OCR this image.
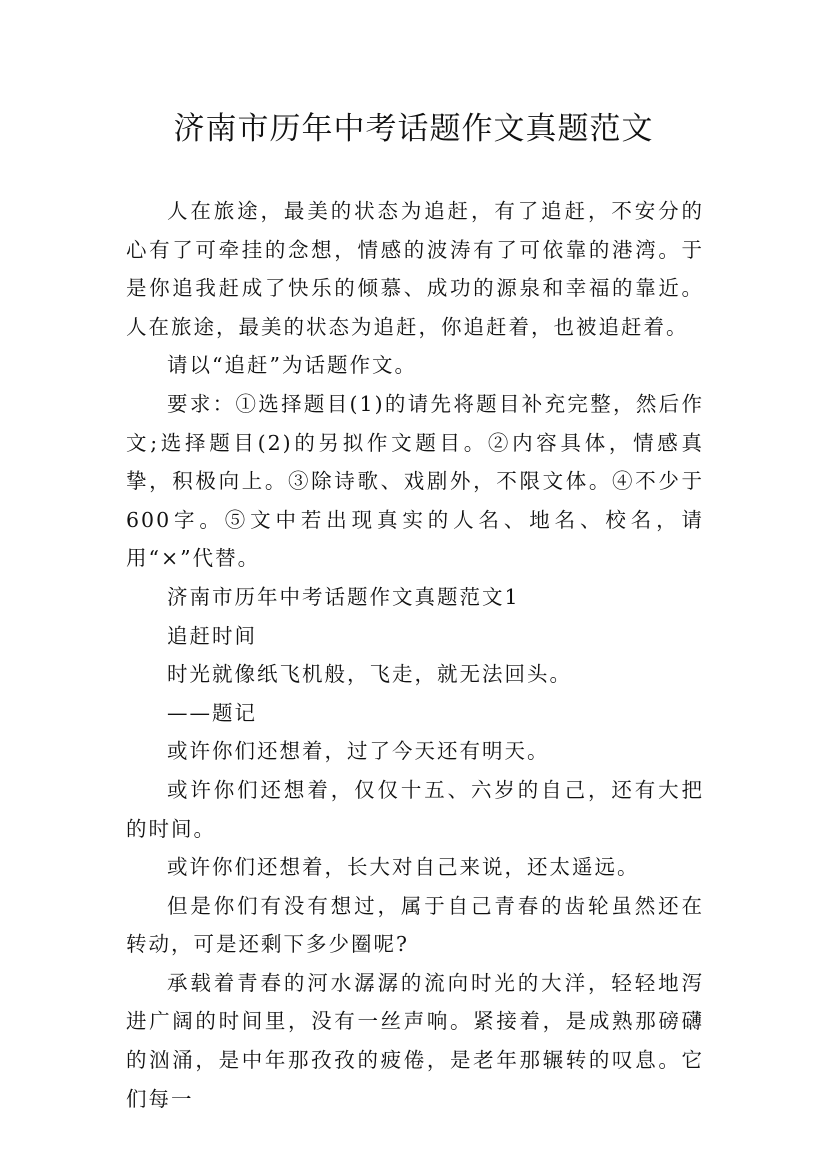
济南市历年中考话题作文真题范文

人在旅途，最美的状态为追赶，有了追赶，不安分的心有了可牵挂的念想，情感的波涛有了可依靠的港湾。于是你追我赶成了快乐的倾慕、成功的源泉和幸福的靠近。人在旅途，最美的状态为追赶，你追赶着，也被追赶着。

请以“追赶”为话题作文。

要求：①选择题目(1)的请先将题目补充完整，然后作文;选择题目(2)的另拟作文题目。②内容具体，情感真挚，积极向上。③除诗歌、戏剧外，不限文体。④不少于600字。⑤文中若出现真实的人名、地名、校名，请用“×”代替。

济南市历年中考话题作文真题范文1

追赶时间

时光就像纸飞机般，飞走，就无法回头。

——题记

或许你们还想着，过了今天还有明天。

或许你们还想着，仅仅十五、六岁的自己，还有大把的时间。

或许你们还想着，长大对自己来说，还太遥远。

但是你们有没有想过，属于自己青春的齿轮虽然还在转动，可是还剩下多少圈呢?

承载着青春的河水潺潺的流向时光的大洋，轻轻地泻进广阔的时间里，没有一丝声响。紧接着，是成熟那磅礴的汹涌，是中年那孜孜的疲倦，是老年那辗转的叹息。它们每一
